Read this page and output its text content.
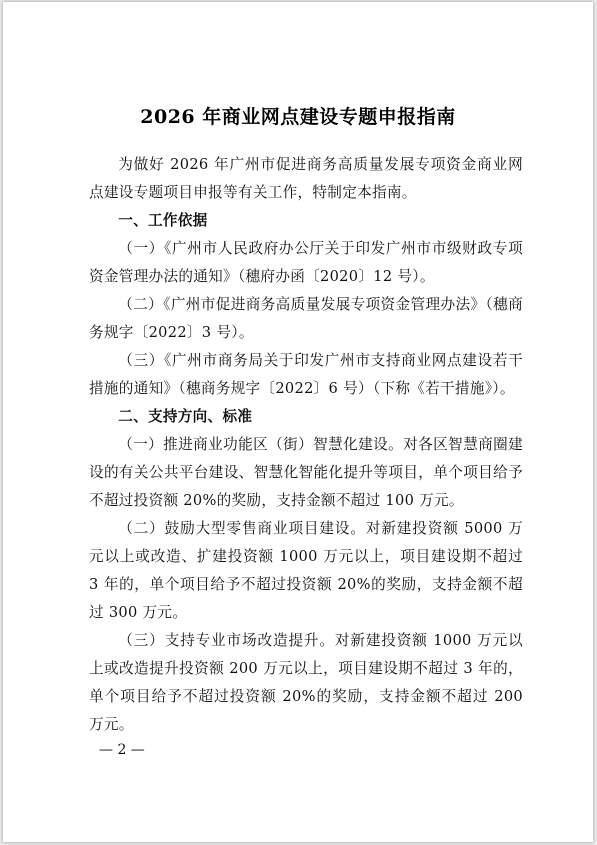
2026 年商业网点建设专题申报指南

为做好 2026 年广州市促进商务高质量发展专项资金商业网点建设专题项目申报等有关工作，特制定本指南。

一、工作依据

（一）《广州市人民政府办公厅关于印发广州市市级财政专项资金管理办法的通知》（穗府办函〔2020〕12 号）。

（二）《广州市促进商务高质量发展专项资金管理办法》（穗商务规字〔2022〕3 号）。

（三）《广州市商务局关于印发广州市支持商业网点建设若干措施的通知》（穗商务规字〔2022〕6 号）（下称《若干措施》）。

二、支持方向、标准

（一）推进商业功能区（街）智慧化建设。对各区智慧商圈建设的有关公共平台建设、智慧化智能化提升等项目，单个项目给予不超过投资额 20%的奖励，支持金额不超过 100 万元。

（二）鼓励大型零售商业项目建设。对新建投资额 5000 万元以上或改造、扩建投资额 1000 万元以上，项目建设期不超过 3 年的，单个项目给予不超过投资额 20%的奖励，支持金额不超过 300 万元。

（三）支持专业市场改造提升。对新建投资额 1000 万元以上或改造提升投资额 200 万元以上，项目建设期不超过 3 年的，单个项目给予不超过投资额 20%的奖励，支持金额不超过 200 万元。

— 2 —
